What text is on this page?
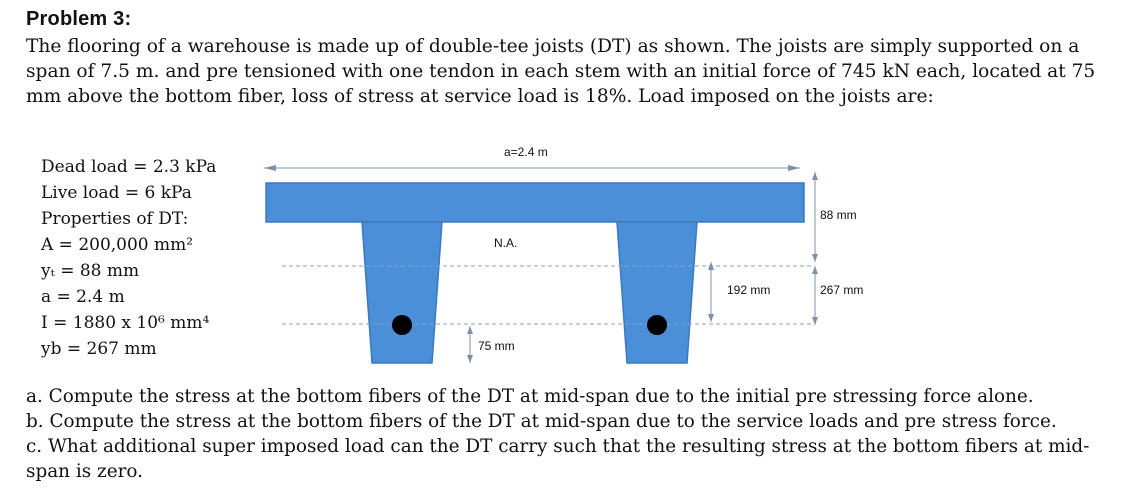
Problem 3:
The flooring of a warehouse is made up of double-tee joists (DT) as shown. The joists are simply supported on a span of 7.5 m. and pre tensioned with one tendon in each stem with an initial force of 745 kN each, located at 75 mm above the bottom fiber, loss of stress at service load is 18%. Load imposed on the joists are:
Dead load = 2.3 kPa
Live load = 6 kPa
Properties of DT:
A = 200,000 mm²
yₜ = 88 mm
a = 2.4 m
I = 1880 x 10⁶ mm⁴
yb = 267 mm
a=2.4 m
N.A.
75 mm
192 mm
88 mm
267 mm
a. Compute the stress at the bottom fibers of the DT at mid-span due to the initial pre stressing force alone.
b. Compute the stress at the bottom fibers of the DT at mid-span due to the service loads and pre stress force.
c. What additional super imposed load can the DT carry such that the resulting stress at the bottom fibers at mid-span is zero.
